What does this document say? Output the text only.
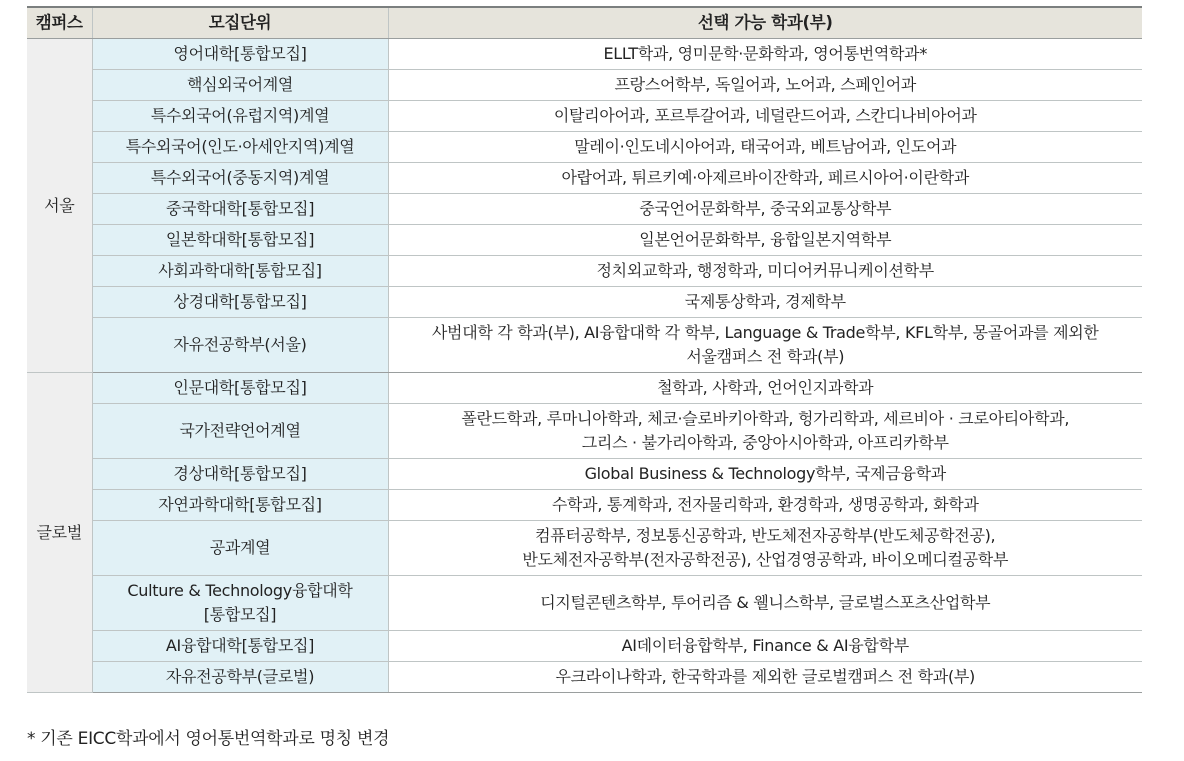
캠퍼스	모집단위	선택 가능 학과(부)
서울	영어대학[통합모집]	ELLT학과, 영미문학·문화학과, 영어통번역학과*
	핵심외국어계열	프랑스어학부, 독일어과, 노어과, 스페인어과
	특수외국어(유럽지역)계열	이탈리아어과, 포르투갈어과, 네덜란드어과, 스칸디나비아어과
	특수외국어(인도·아세안지역)계열	말레이·인도네시아어과, 태국어과, 베트남어과, 인도어과
	특수외국어(중동지역)계열	아랍어과, 튀르키예·아제르바이잔학과, 페르시아어·이란학과
	중국학대학[통합모집]	중국언어문화학부, 중국외교통상학부
	일본학대학[통합모집]	일본언어문화학부, 융합일본지역학부
	사회과학대학[통합모집]	정치외교학과, 행정학과, 미디어커뮤니케이션학부
	상경대학[통합모집]	국제통상학과, 경제학부
	자유전공학부(서울)	사범대학 각 학과(부), AI융합대학 각 학부, Language & Trade학부, KFL학부, 몽골어과를 제외한
서울캠퍼스 전 학과(부)

글로벌	인문대학[통합모집]	철학과, 사학과, 언어인지과학과
	국가전략언어계열	폴란드학과, 루마니아학과, 체코·슬로바키아학과, 헝가리학과, 세르비아 · 크로아티아학과,
그리스 · 불가리아학과, 중앙아시아학과, 아프리카학부

	경상대학[통합모집]	Global Business & Technology학부, 국제금융학과
	자연과학대학[통합모집]	수학과, 통계학과, 전자물리학과, 환경학과, 생명공학과, 화학과
	공과계열	컴퓨터공학부, 정보통신공학과, 반도체전자공학부(반도체공학전공),
반도체전자공학부(전자공학전공), 산업경영공학과, 바이오메디컬공학부

	Culture & Technology융합대학
[통합모집]	디지털콘텐츠학부, 투어리즘 & 웰니스학부, 글로벌스포츠산업학부
	AI융합대학[통합모집]	AI데이터융합학부, Finance & AI융합학부
	자유전공학부(글로벌)	우크라이나학과, 한국학과를 제외한 글로벌캠퍼스 전 학과(부)
* 기존 EICC학과에서 영어통번역학과로 명칭 변경
